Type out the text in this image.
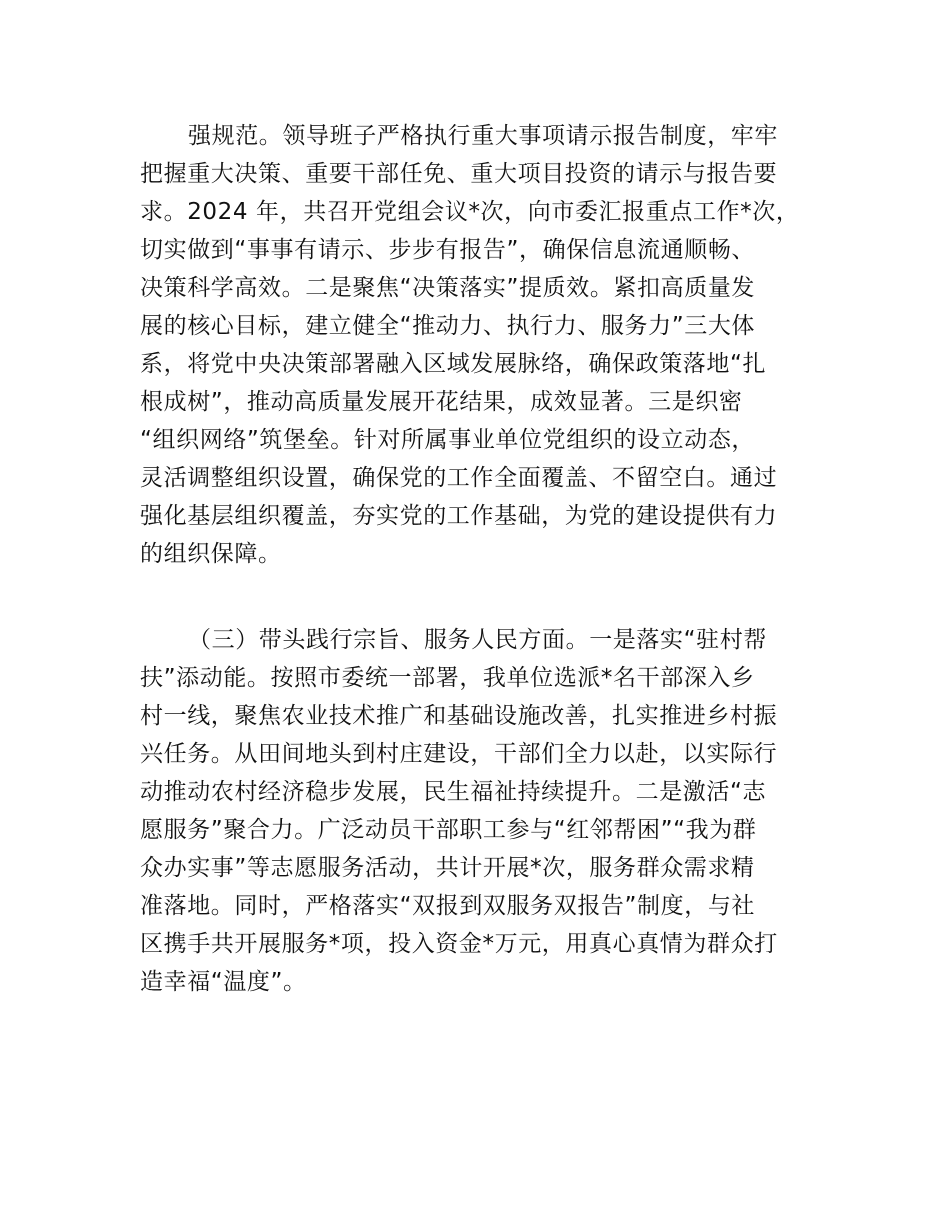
强规范。领导班子严格执行重大事项请示报告制度，牢牢
把握重大决策、重要干部任免、重大项目投资的请示与报告要
求。2024 年，共召开党组会议*次，向市委汇报重点工作*次，
切实做到“事事有请示、步步有报告”，确保信息流通顺畅、
决策科学高效。二是聚焦“决策落实”提质效。紧扣高质量发
展的核心目标，建立健全“推动力、执行力、服务力”三大体
系，将党中央决策部署融入区域发展脉络，确保政策落地“扎
根成树”，推动高质量发展开花结果，成效显著。三是织密
“组织网络”筑堡垒。针对所属事业单位党组织的设立动态，
灵活调整组织设置，确保党的工作全面覆盖、不留空白。通过
强化基层组织覆盖，夯实党的工作基础，为党的建设提供有力
的组织保障。
（三）带头践行宗旨、服务人民方面。一是落实“驻村帮
扶”添动能。按照市委统一部署，我单位选派*名干部深入乡
村一线，聚焦农业技术推广和基础设施改善，扎实推进乡村振
兴任务。从田间地头到村庄建设，干部们全力以赴，以实际行
动推动农村经济稳步发展，民生福祉持续提升。二是激活“志
愿服务”聚合力。广泛动员干部职工参与“红邻帮困”“我为群
众办实事”等志愿服务活动，共计开展*次，服务群众需求精
准落地。同时，严格落实“双报到双服务双报告”制度，与社
区携手共开展服务*项，投入资金*万元，用真心真情为群众打
造幸福“温度”。
